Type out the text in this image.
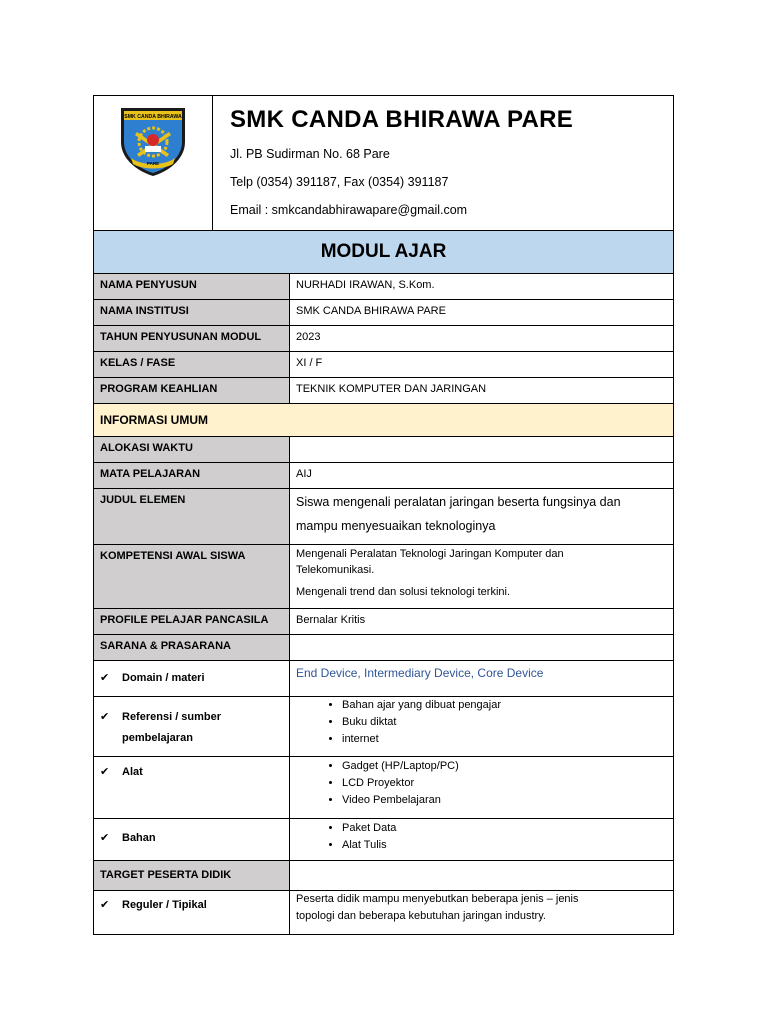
SMK CANDA BHIRAWA
PARE
SMK CANDA BHIRAWA PARE
Jl. PB Sudirman No. 68 Pare
Telp (0354) 391187, Fax (0354) 391187
Email : smkcandabhirawapare@gmail.com
MODUL AJAR
NAMA PENYUSUN	NURHADI IRAWAN, S.Kom.
NAMA INSTITUSI	SMK CANDA BHIRAWA PARE
TAHUN PENYUSUNAN MODUL	2023
KELAS / FASE	XI / F
PROGRAM KEAHLIAN	TEKNIK KOMPUTER DAN JARINGAN
INFORMASI UMUM
ALOKASI WAKTU
MATA PELAJARAN	AIJ
JUDUL ELEMEN	Siswa mengenali peralatan jaringan beserta fungsinya dan
mampu menyesuaikan teknologinya
KOMPETENSI AWAL SISWA	Mengenali Peralatan Teknologi Jaringan Komputer dan
Telekomunikasi.
Mengenali trend dan solusi teknologi terkini.
PROFILE PELAJAR PANCASILA	Bernalar Kritis
SARANA & PRASARANA
✔ Domain / materi	End Device, Intermediary Device, Core Device
✔ Referensi / sumber
pembelajaran
• Bahan ajar yang dibuat pengajar
• Buku diktat
• internet
✔ Alat
•	Gadget (HP/Laptop/PC)
• LCD Proyektor
• Video Pembelajaran
✔ Bahan
• Paket Data
• Alat Tulis
TARGET PESERTA DIDIK
✔ Reguler / Tipikal	Peserta didik mampu menyebutkan beberapa jenis – jenis
topologi dan beberapa kebutuhan jaringan industry.
